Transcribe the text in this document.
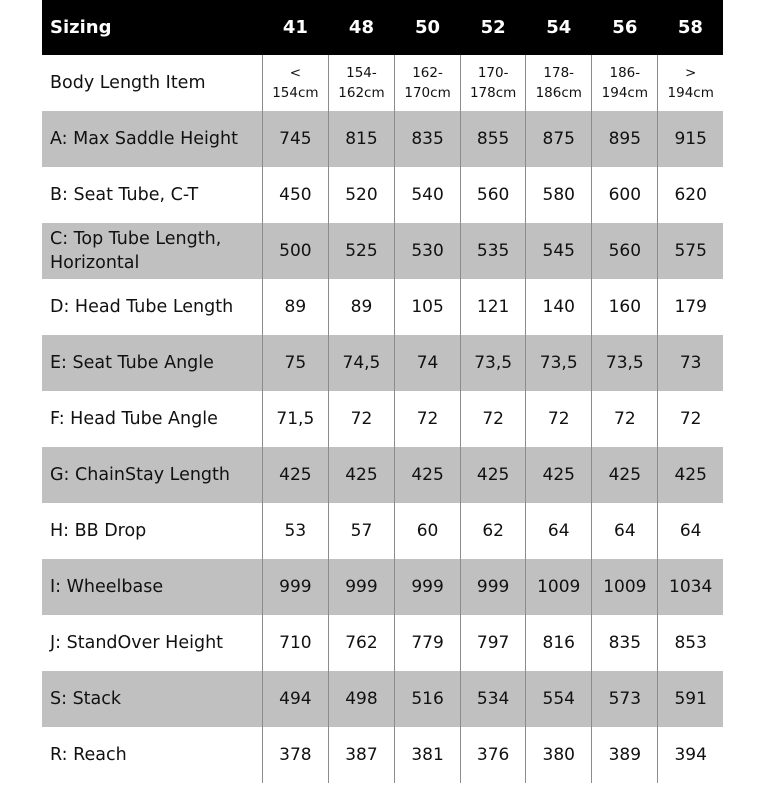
Sizing	41	48	50	52	54	56	58
Body Length Item	< 154cm	154-162cm	162-170cm	170-178cm	178-186cm	186-194cm	> 194cm

A: Max Saddle Height	745	815	835	855	875	895	915
B: Seat Tube, C-T	450	520	540	560	580	600	620
C: Top Tube Length, Horizontal	500	525	530	535	545	560	575
D: Head Tube Length	89	89	105	121	140	160	179
E: Seat Tube Angle	75	74,5	74	73,5	73,5	73,5	73
F: Head Tube Angle	71,5	72	72	72	72	72	72
G: ChainStay Length	425	425	425	425	425	425	425
H: BB Drop	53	57	60	62	64	64	64
I: Wheelbase	999	999	999	999	1009	1009	1034
J: StandOver Height	710	762	779	797	816	835	853
S: Stack	494	498	516	534	554	573	591
R: Reach	378	387	381	376	380	389	394
